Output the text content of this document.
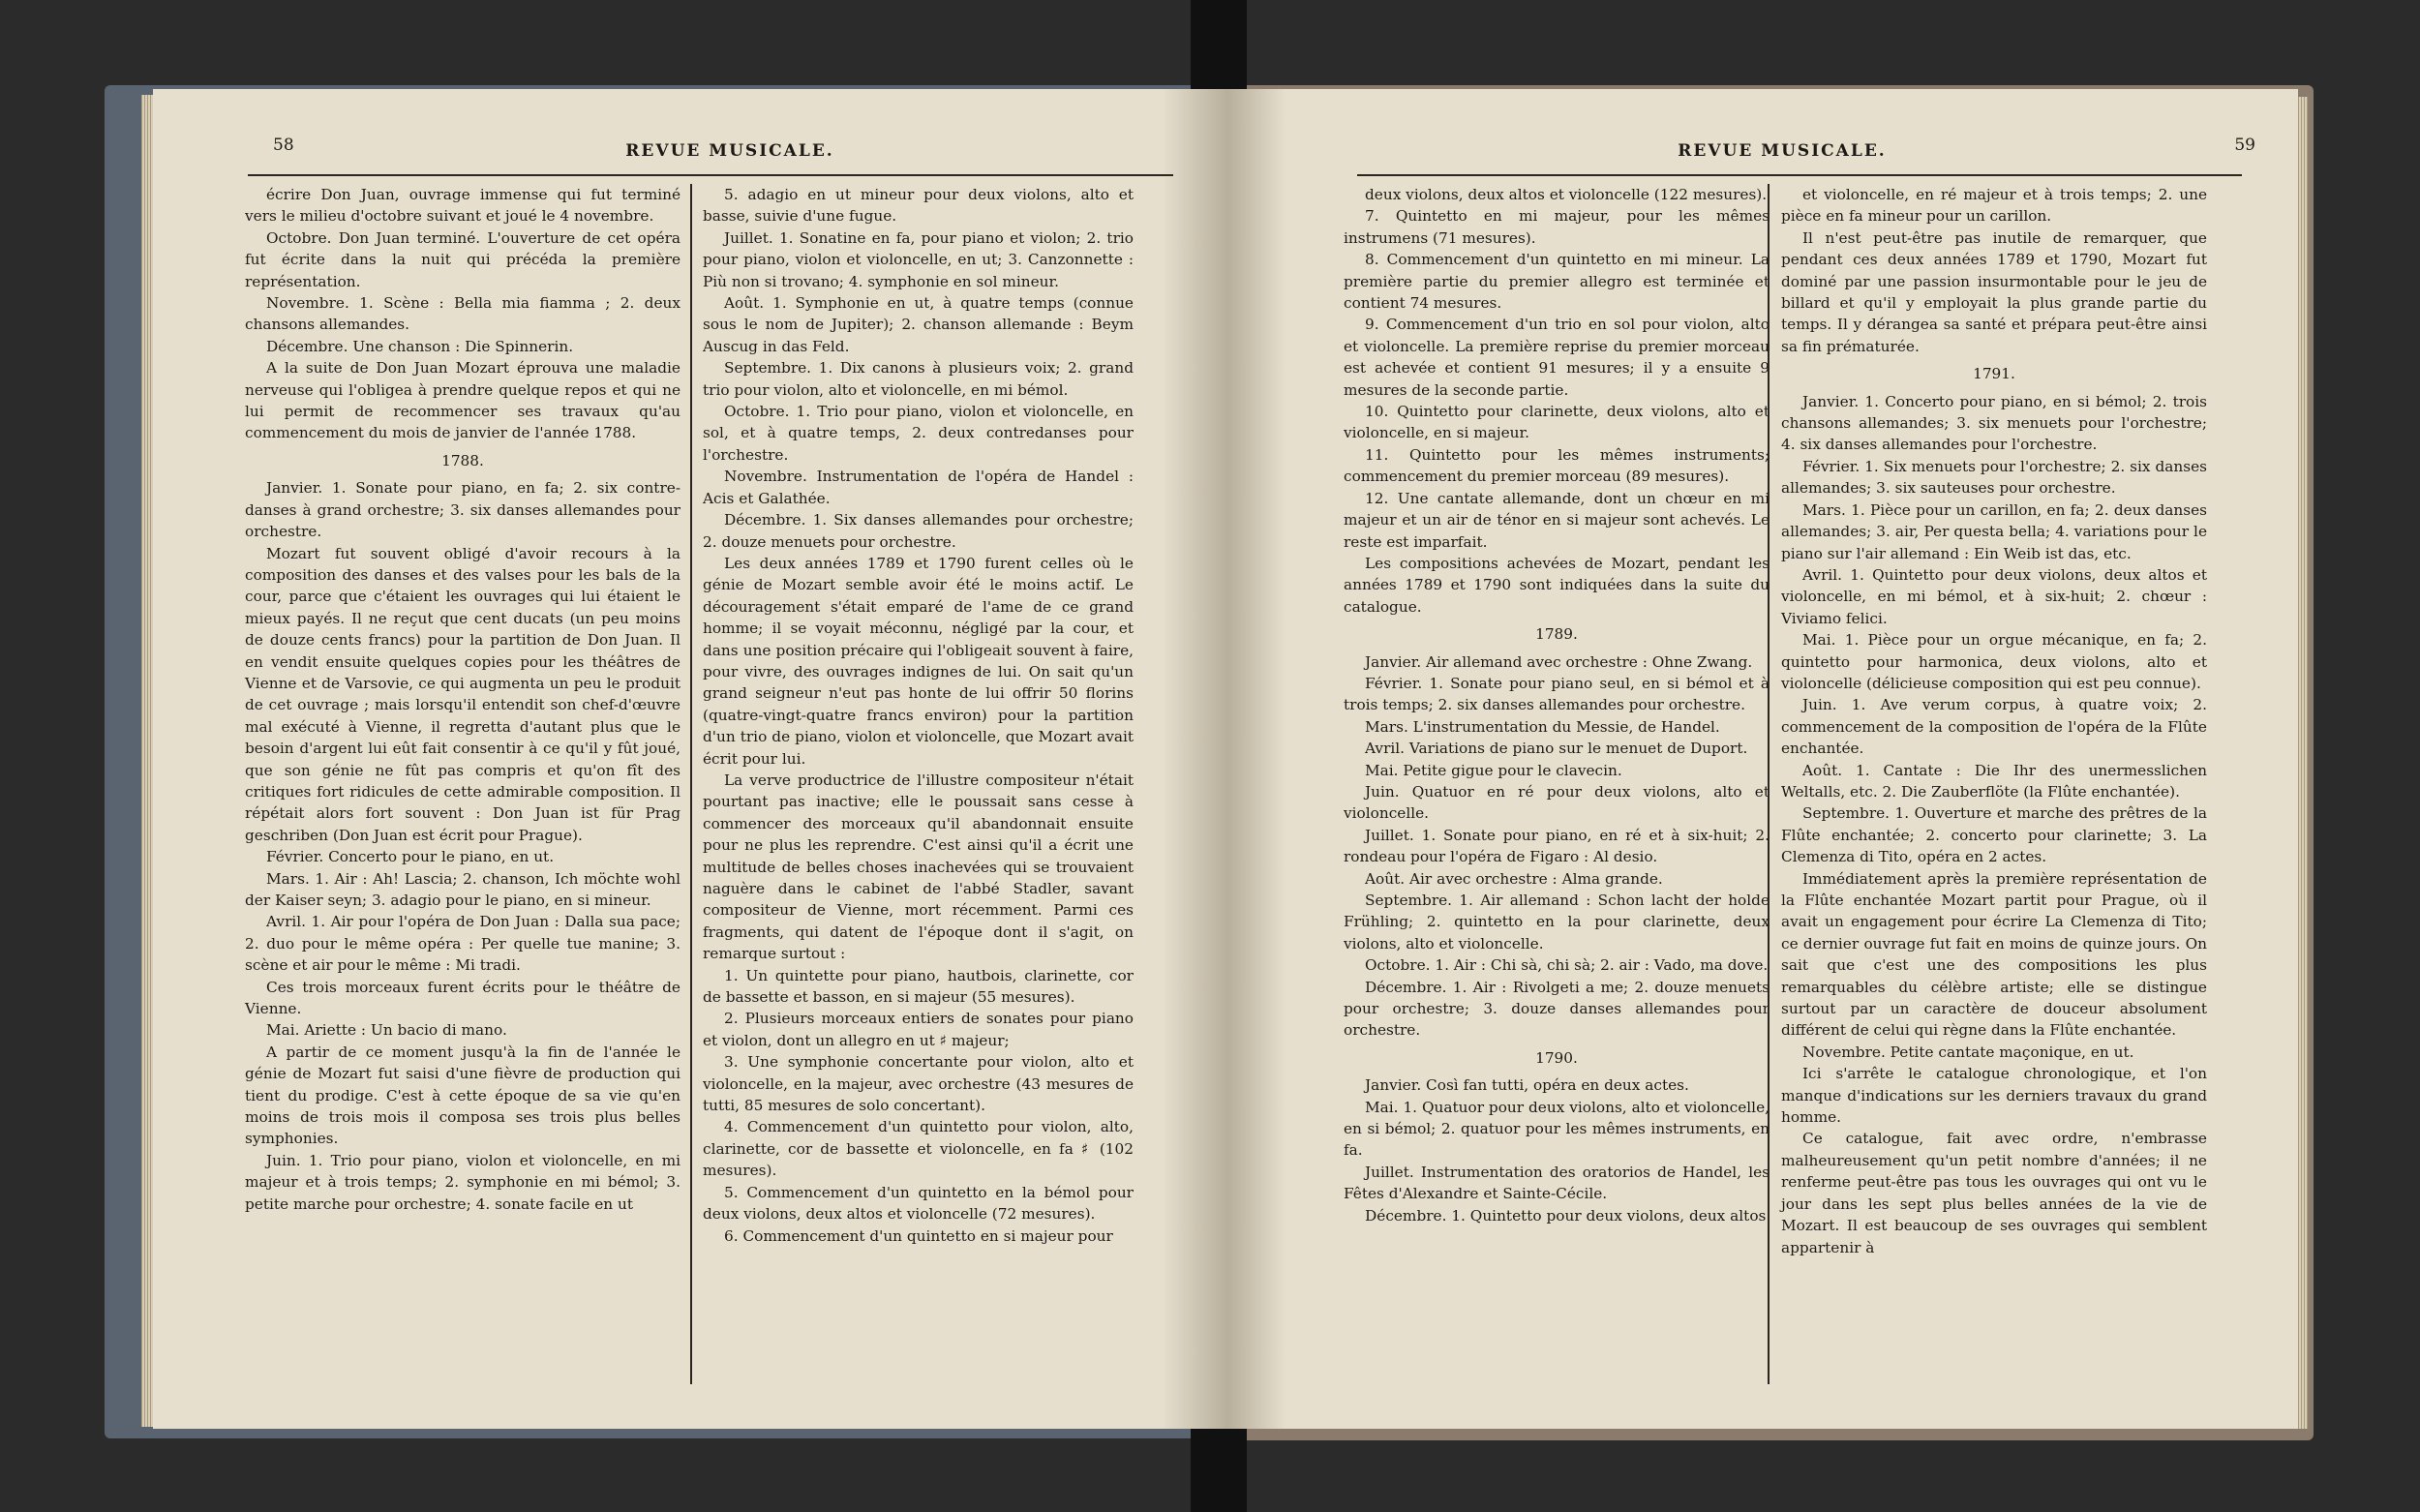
58	REVUE MUSICALE.

écrire Don Juan, ouvrage immense qui fut terminé vers le milieu d'octobre suivant et joué le 4 novembre.

Octobre. Don Juan terminé. L'ouverture de cet opéra fut écrite dans la nuit qui précéda la première représentation.

Novembre. 1. Scène : Bella mia fiamma ; 2. deux chansons allemandes.

Décembre. Une chanson : Die Spinnerin.

A la suite de Don Juan Mozart éprouva une maladie nerveuse qui l'obligea à prendre quelque repos et qui ne lui permit de recommencer ses travaux qu'au commencement du mois de janvier de l'année 1788.

1788.

Janvier. 1. Sonate pour piano, en fa; 2. six contre-danses à grand orchestre; 3. six danses allemandes pour orchestre.

Mozart fut souvent obligé d'avoir recours à la composition des danses et des valses pour les bals de la cour, parce que c'étaient les ouvrages qui lui étaient le mieux payés. Il ne reçut que cent ducats (un peu moins de douze cents francs) pour la partition de Don Juan. Il en vendit ensuite quelques copies pour les théâtres de Vienne et de Varsovie, ce qui augmenta un peu le produit de cet ouvrage ; mais lorsqu'il entendit son chef-d'œuvre mal exécuté à Vienne, il regretta d'autant plus que le besoin d'argent lui eût fait consentir à ce qu'il y fût joué, que son génie ne fût pas compris et qu'on fît des critiques fort ridicules de cette admirable composition. Il répétait alors fort souvent : Don Juan ist für Prag geschriben (Don Juan est écrit pour Prague).

Février. Concerto pour le piano, en ut.

Mars. 1. Air : Ah! Lascia; 2. chanson, Ich möchte wohl der Kaiser seyn; 3. adagio pour le piano, en si mineur.

Avril. 1. Air pour l'opéra de Don Juan : Dalla sua pace; 2. duo pour le même opéra : Per quelle tue manine; 3. scène et air pour le même : Mi tradi.

Ces trois morceaux furent écrits pour le théâtre de Vienne.

Mai. Ariette : Un bacio di mano.

A partir de ce moment jusqu'à la fin de l'année le génie de Mozart fut saisi d'une fièvre de production qui tient du prodige. C'est à cette époque de sa vie qu'en moins de trois mois il composa ses trois plus belles symphonies.

Juin. 1. Trio pour piano, violon et violoncelle, en mi majeur et à trois temps; 2. symphonie en mi bémol; 3. petite marche pour orchestre; 4. sonate facile en ut

5. adagio en ut mineur pour deux violons, alto et basse, suivie d'une fugue.

Juillet. 1. Sonatine en fa, pour piano et violon; 2. trio pour piano, violon et violoncelle, en ut; 3. Canzonnette : Più non si trovano; 4. symphonie en sol mineur.

Août. 1. Symphonie en ut, à quatre temps (connue sous le nom de Jupiter); 2. chanson allemande : Beym Auscug in das Feld.

Septembre. 1. Dix canons à plusieurs voix; 2. grand trio pour violon, alto et violoncelle, en mi bémol.

Octobre. 1. Trio pour piano, violon et violoncelle, en sol, et à quatre temps, 2. deux contredanses pour l'orchestre.

Novembre. Instrumentation de l'opéra de Handel : Acis et Galathée.

Décembre. 1. Six danses allemandes pour orchestre; 2. douze menuets pour orchestre.

Les deux années 1789 et 1790 furent celles où le génie de Mozart semble avoir été le moins actif. Le découragement s'était emparé de l'ame de ce grand homme; il se voyait méconnu, négligé par la cour, et dans une position précaire qui l'obligeait souvent à faire, pour vivre, des ouvrages indignes de lui. On sait qu'un grand seigneur n'eut pas honte de lui offrir 50 florins (quatre-vingt-quatre francs environ) pour la partition d'un trio de piano, violon et violoncelle, que Mozart avait écrit pour lui.

La verve productrice de l'illustre compositeur n'était pourtant pas inactive; elle le poussait sans cesse à commencer des morceaux qu'il abandonnait ensuite pour ne plus les reprendre. C'est ainsi qu'il a écrit une multitude de belles choses inachevées qui se trouvaient naguère dans le cabinet de l'abbé Stadler, savant compositeur de Vienne, mort récemment. Parmi ces fragments, qui datent de l'époque dont il s'agit, on remarque surtout :

1. Un quintette pour piano, hautbois, clarinette, cor de bassette et basson, en si majeur (55 mesures).

2. Plusieurs morceaux entiers de sonates pour piano et violon, dont un allegro en ut ♯ majeur;

3. Une symphonie concertante pour violon, alto et violoncelle, en la majeur, avec orchestre (43 mesures de tutti, 85 mesures de solo concertant).

4. Commencement d'un quintetto pour violon, alto, clarinette, cor de bassette et violoncelle, en fa ♯ (102 mesures).

5. Commencement d'un quintetto en la bémol pour deux violons, deux altos et violoncelle (72 mesures).

6. Commencement d'un quintetto en si majeur pour

59
REVUE MUSICALE.

deux violons, deux altos et violoncelle (122 mesures).

7. Quintetto en mi majeur, pour les mêmes instrumens (71 mesures).

8. Commencement d'un quintetto en mi mineur. La première partie du premier allegro est terminée et contient 74 mesures.

9. Commencement d'un trio en sol pour violon, alto et violoncelle. La première reprise du premier morceau est achevée et contient 91 mesures; il y a ensuite 9 mesures de la seconde partie.

10. Quintetto pour clarinette, deux violons, alto et violoncelle, en si majeur.

11. Quintetto pour les mêmes instruments; commencement du premier morceau (89 mesures).

12. Une cantate allemande, dont un chœur en mi majeur et un air de ténor en si majeur sont achevés. Le reste est imparfait.

Les compositions achevées de Mozart, pendant les années 1789 et 1790 sont indiquées dans la suite du catalogue.

1789.

Janvier. Air allemand avec orchestre : Ohne Zwang.

Février. 1. Sonate pour piano seul, en si bémol et à trois temps; 2. six danses allemandes pour orchestre.

Mars. L'instrumentation du Messie, de Handel.

Avril. Variations de piano sur le menuet de Duport.

Mai. Petite gigue pour le clavecin.

Juin. Quatuor en ré pour deux violons, alto et violoncelle.

Juillet. 1. Sonate pour piano, en ré et à six-huit; 2. rondeau pour l'opéra de Figaro : Al desio.

Août. Air avec orchestre : Alma grande.

Septembre. 1. Air allemand : Schon lacht der holde Frühling; 2. quintetto en la pour clarinette, deux violons, alto et violoncelle.

Octobre. 1. Air : Chi sà, chi sà; 2. air : Vado, ma dove.

Décembre. 1. Air : Rivolgeti a me; 2. douze menuets pour orchestre; 3. douze danses allemandes pour orchestre.

1790.

Janvier. Così fan tutti, opéra en deux actes.

Mai. 1. Quatuor pour deux violons, alto et violoncelle, en si bémol; 2. quatuor pour les mêmes instruments, en fa.

Juillet. Instrumentation des oratorios de Handel, les Fêtes d'Alexandre et Sainte-Cécile.

Décembre. 1. Quintetto pour deux violons, deux altos

et violoncelle, en ré majeur et à trois temps; 2. une pièce en fa mineur pour un carillon.

Il n'est peut-être pas inutile de remarquer, que pendant ces deux années 1789 et 1790, Mozart fut dominé par une passion insurmontable pour le jeu de billard et qu'il y employait la plus grande partie du temps. Il y dérangea sa santé et prépara peut-être ainsi sa fin prématurée.

1791.

Janvier. 1. Concerto pour piano, en si bémol; 2. trois chansons allemandes; 3. six menuets pour l'orchestre; 4. six danses allemandes pour l'orchestre.

Février. 1. Six menuets pour l'orchestre; 2. six danses allemandes; 3. six sauteuses pour orchestre.

Mars. 1. Pièce pour un carillon, en fa; 2. deux danses allemandes; 3. air, Per questa bella; 4. variations pour le piano sur l'air allemand : Ein Weib ist das, etc.

Avril. 1. Quintetto pour deux violons, deux altos et violoncelle, en mi bémol, et à six-huit; 2. chœur : Viviamo felici.

Mai. 1. Pièce pour un orgue mécanique, en fa; 2. quintetto pour harmonica, deux violons, alto et violoncelle (délicieuse composition qui est peu connue).

Juin. 1. Ave verum corpus, à quatre voix; 2. commencement de la composition de l'opéra de la Flûte enchantée.

Août. 1. Cantate : Die Ihr des unermesslichen Weltalls, etc. 2. Die Zauberflöte (la Flûte enchantée).

Septembre. 1. Ouverture et marche des prêtres de la Flûte enchantée; 2. concerto pour clarinette; 3. La Clemenza di Tito, opéra en 2 actes.

Immédiatement après la première représentation de la Flûte enchantée Mozart partit pour Prague, où il avait un engagement pour écrire La Clemenza di Tito; ce dernier ouvrage fut fait en moins de quinze jours. On sait que c'est une des compositions les plus remarquables du célèbre artiste; elle se distingue surtout par un caractère de douceur absolument différent de celui qui règne dans la Flûte enchantée.

Novembre. Petite cantate maçonique, en ut.

Ici s'arrête le catalogue chronologique, et l'on manque d'indications sur les derniers travaux du grand homme.

Ce catalogue, fait avec ordre, n'embrasse malheureusement qu'un petit nombre d'années; il ne renferme peut-être pas tous les ouvrages qui ont vu le jour dans les sept plus belles années de la vie de Mozart. Il est beaucoup de ses ouvrages qui semblent appartenir à
